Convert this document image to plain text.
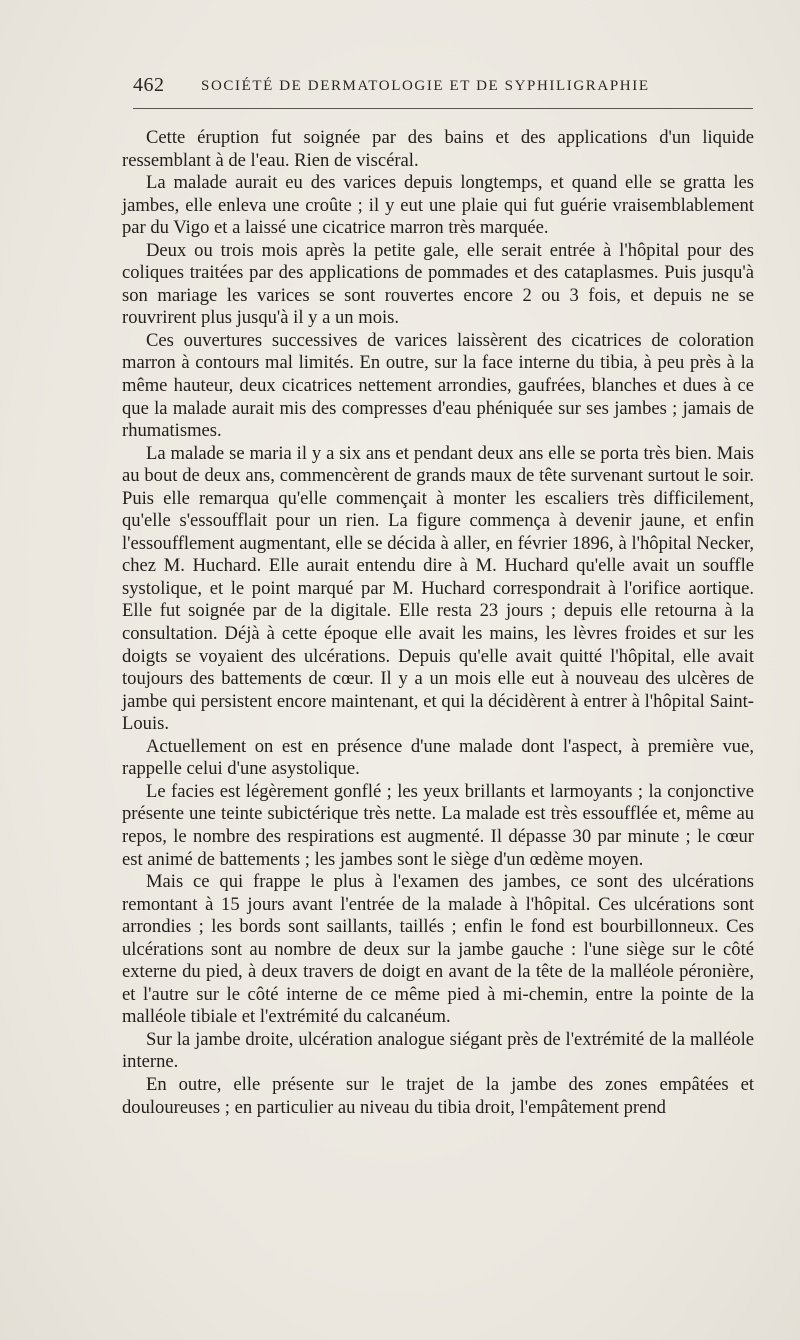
462 SOCIÉTÉ DE DERMATOLOGIE ET DE SYPHILIGRAPHIE

Cette éruption fut soignée par des bains et des applications d'un liquide ressemblant à de l'eau. Rien de viscéral.

La malade aurait eu des varices depuis longtemps, et quand elle se gratta les jambes, elle enleva une croûte ; il y eut une plaie qui fut guérie vraisemblablement par du Vigo et a laissé une cicatrice marron très marquée.

Deux ou trois mois après la petite gale, elle serait entrée à l'hôpital pour des coliques traitées par des applications de pommades et des cataplasmes. Puis jusqu'à son mariage les varices se sont rouvertes encore 2 ou 3 fois, et depuis ne se rouvrirent plus jusqu'à il y a un mois.

Ces ouvertures successives de varices laissèrent des cicatrices de coloration marron à contours mal limités. En outre, sur la face interne du tibia, à peu près à la même hauteur, deux cicatrices nettement arrondies, gaufrées, blanches et dues à ce que la malade aurait mis des compresses d'eau phéniquée sur ses jambes ; jamais de rhumatismes.

La malade se maria il y a six ans et pendant deux ans elle se porta très bien. Mais au bout de deux ans, commencèrent de grands maux de tête survenant surtout le soir. Puis elle remarqua qu'elle commençait à monter les escaliers très difficilement, qu'elle s'essoufflait pour un rien. La figure commença à devenir jaune, et enfin l'essoufflement augmentant, elle se décida à aller, en février 1896, à l'hôpital Necker, chez M. Huchard. Elle aurait entendu dire à M. Huchard qu'elle avait un souffle systolique, et le point marqué par M. Huchard correspondrait à l'orifice aortique. Elle fut soignée par de la digitale. Elle resta 23 jours ; depuis elle retourna à la consultation. Déjà à cette époque elle avait les mains, les lèvres froides et sur les doigts se voyaient des ulcérations. Depuis qu'elle avait quitté l'hôpital, elle avait toujours des battements de cœur. Il y a un mois elle eut à nouveau des ulcères de jambe qui persistent encore maintenant, et qui la décidèrent à entrer à l'hôpital Saint-Louis.

Actuellement on est en présence d'une malade dont l'aspect, à première vue, rappelle celui d'une asystolique.

Le facies est légèrement gonflé ; les yeux brillants et larmoyants ; la conjonctive présente une teinte subictérique très nette. La malade est très essoufflée et, même au repos, le nombre des respirations est augmenté. Il dépasse 30 par minute ; le cœur est animé de battements ; les jambes sont le siège d'un œdème moyen.

Mais ce qui frappe le plus à l'examen des jambes, ce sont des ulcérations remontant à 15 jours avant l'entrée de la malade à l'hôpital. Ces ulcérations sont arrondies ; les bords sont saillants, taillés ; enfin le fond est bourbillonneux. Ces ulcérations sont au nombre de deux sur la jambe gauche : l'une siège sur le côté externe du pied, à deux travers de doigt en avant de la tête de la malléole péronière, et l'autre sur le côté interne de ce même pied à mi-chemin, entre la pointe de la malléole tibiale et l'extrémité du calcanéum.

Sur la jambe droite, ulcération analogue siégant près de l'extrémité de la malléole interne.

En outre, elle présente sur le trajet de la jambe des zones empâtées et douloureuses ; en particulier au niveau du tibia droit, l'empâtement prend
